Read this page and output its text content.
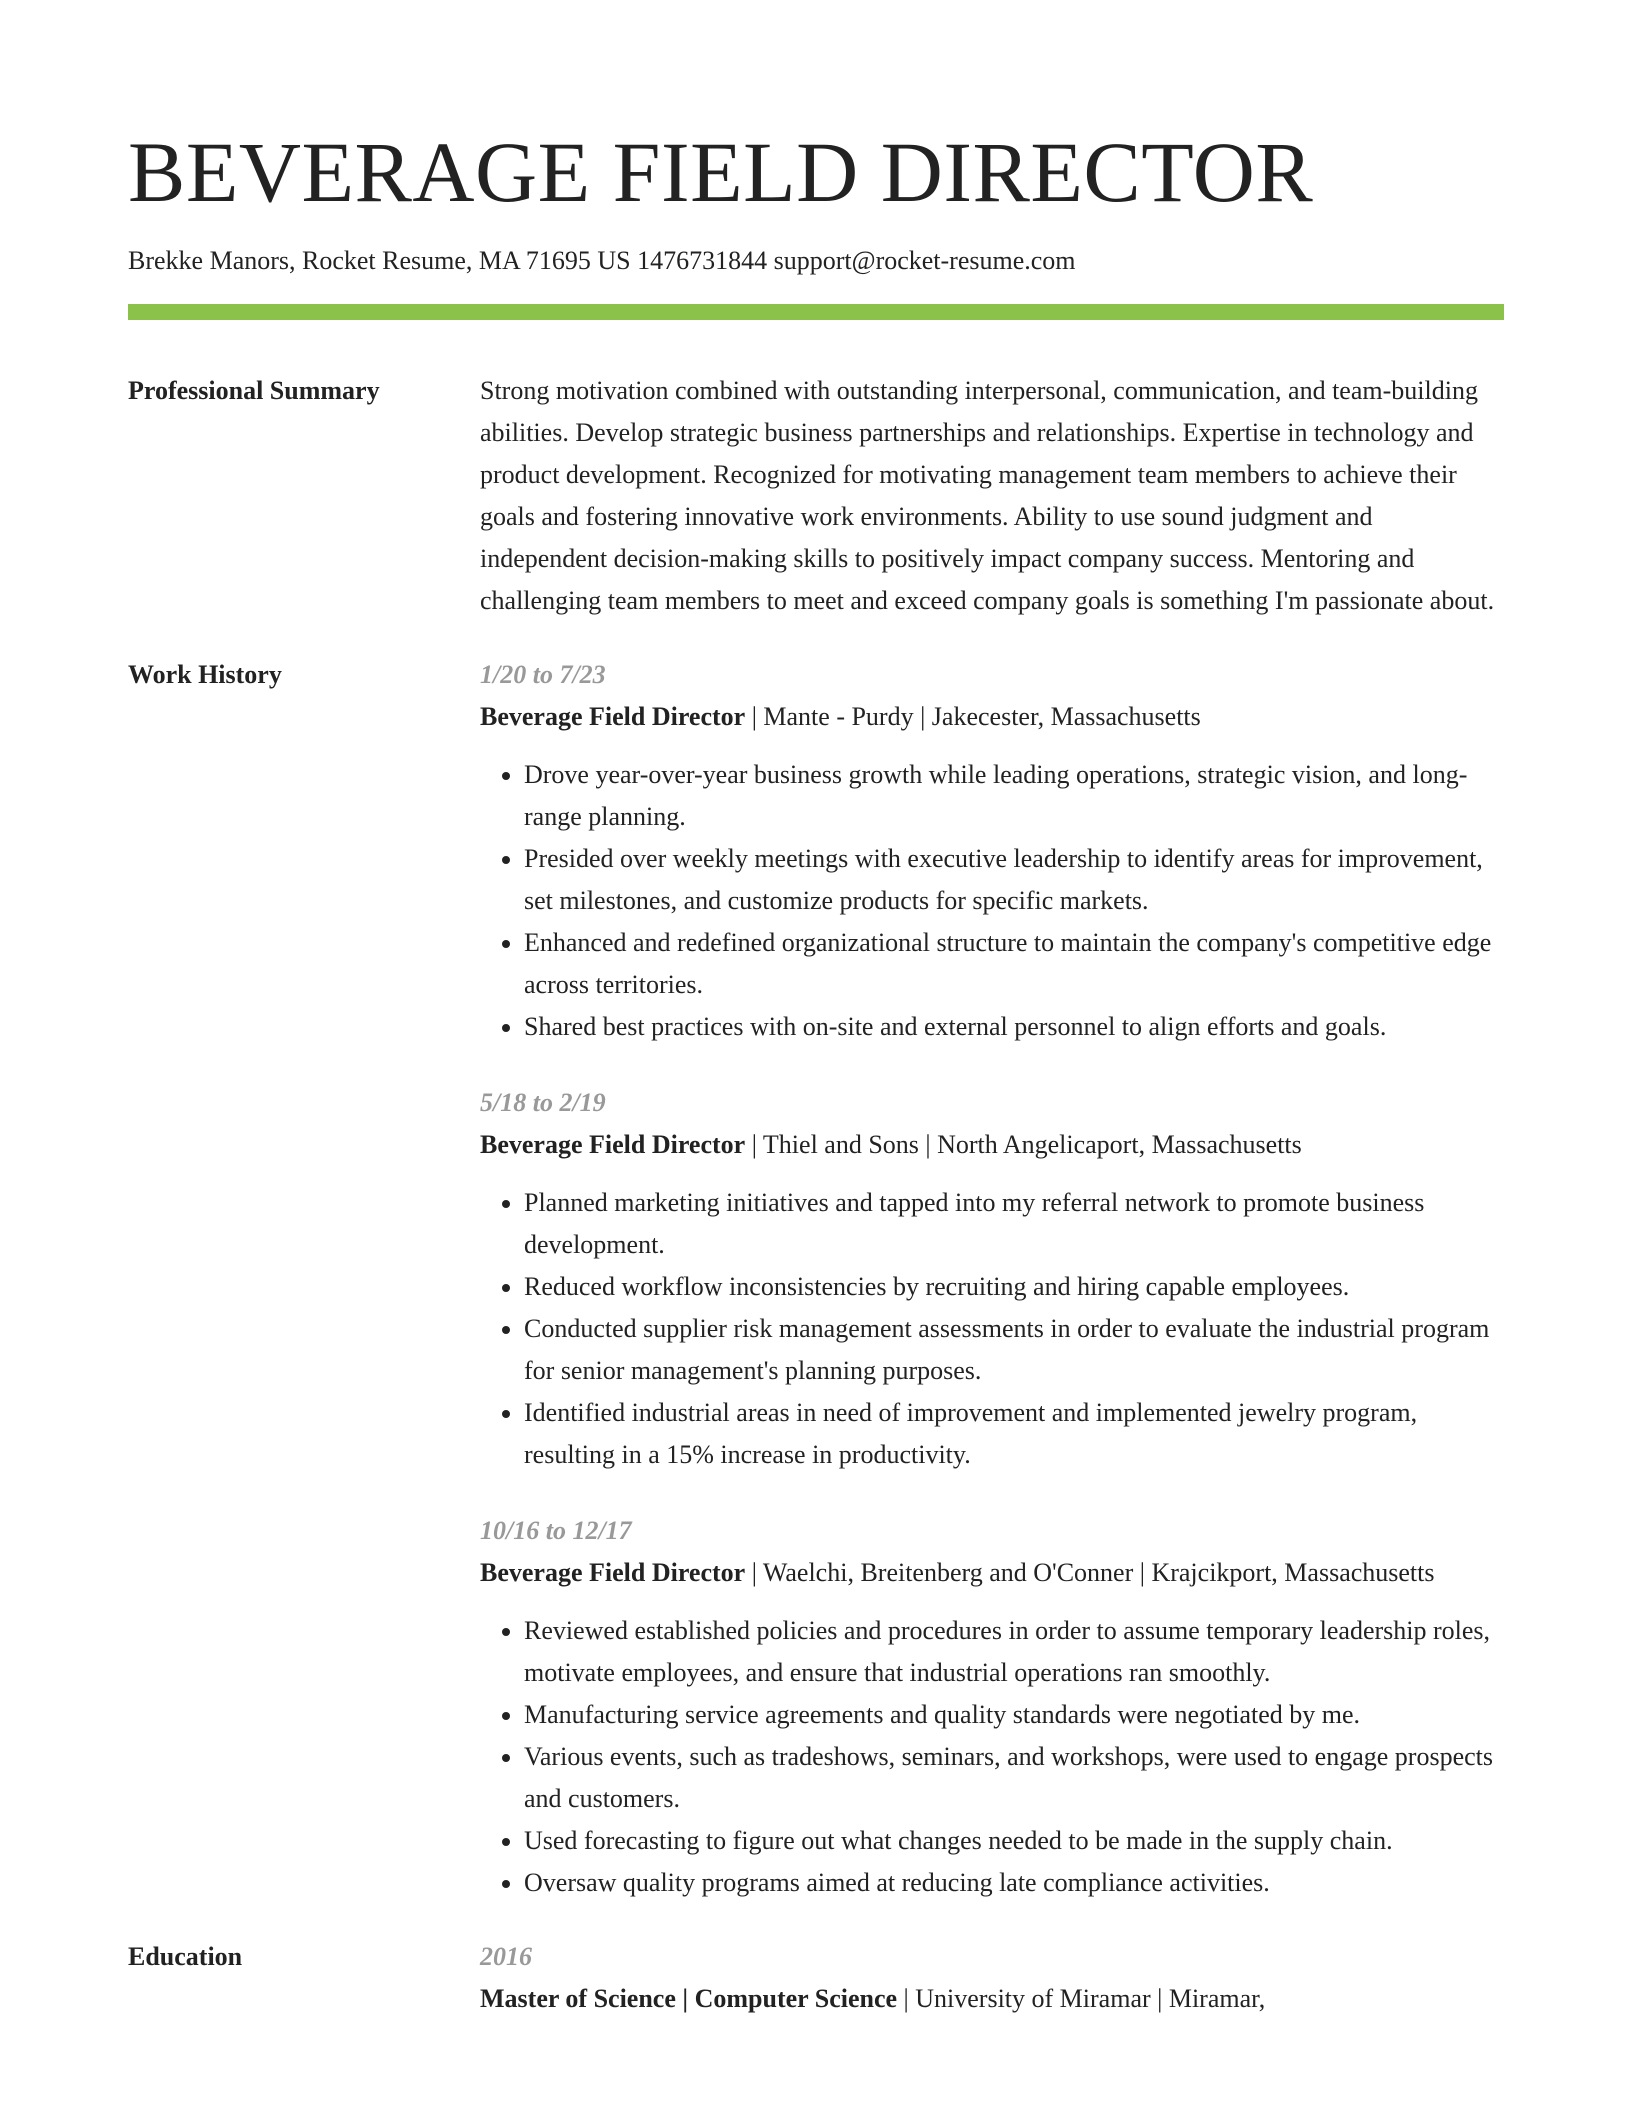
BEVERAGE FIELD DIRECTOR
Brekke Manors, Rocket Resume, MA 71695 US 1476731844 support@rocket-resume.com
Professional Summary	Strong motivation combined with outstanding interpersonal, communication, and team-building abilities. Develop strategic business partnerships and relationships. Expertise in technology and product development. Recognized for motivating management team members to achieve their goals and fostering innovative work environments. Ability to use sound judgment and independent decision-making skills to positively impact company success. Mentoring and challenging team members to meet and exceed company goals is something I'm passionate about.
Work History	1/20 to 7/23
Beverage Field Director | Mante - Purdy | Jakecester, Massachusetts
• Drove year-over-year business growth while leading operations, strategic vision, and long-range planning.
• Presided over weekly meetings with executive leadership to identify areas for improvement, set milestones, and customize products for specific markets.
• Enhanced and redefined organizational structure to maintain the company's competitive edge across territories.
• Shared best practices with on-site and external personnel to align efforts and goals.
5/18 to 2/19
Beverage Field Director | Thiel and Sons | North Angelicaport, Massachusetts
• Planned marketing initiatives and tapped into my referral network to promote business development.
• Reduced workflow inconsistencies by recruiting and hiring capable employees.
• Conducted supplier risk management assessments in order to evaluate the industrial program for senior management's planning purposes.
• Identified industrial areas in need of improvement and implemented jewelry program, resulting in a 15% increase in productivity.
10/16 to 12/17
Beverage Field Director | Waelchi, Breitenberg and O'Conner | Krajcikport, Massachusetts
• Reviewed established policies and procedures in order to assume temporary leadership roles, motivate employees, and ensure that industrial operations ran smoothly.
• Manufacturing service agreements and quality standards were negotiated by me.
• Various events, such as tradeshows, seminars, and workshops, were used to engage prospects and customers.
• Used forecasting to figure out what changes needed to be made in the supply chain.
• Oversaw quality programs aimed at reducing late compliance activities.
Education	2016
Master of Science | Computer Science | University of Miramar | Miramar,
